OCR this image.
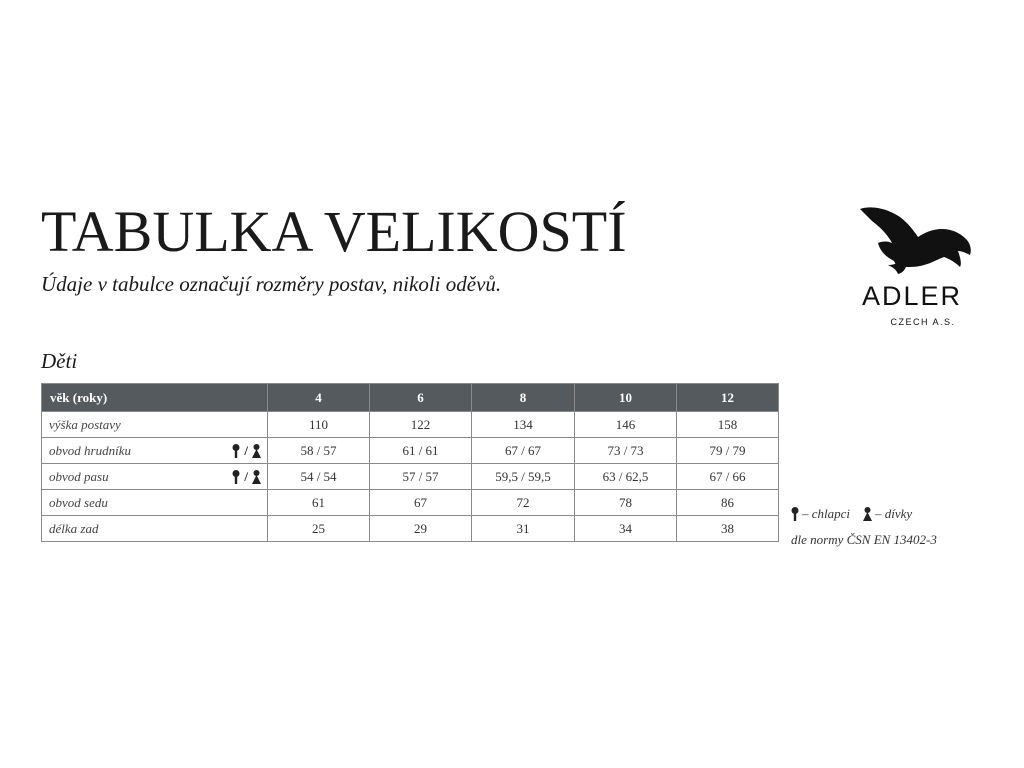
TABULKA VELIKOSTÍ
Údaje v tabulce označují rozměry postav, nikoli oděvů.	ADLER
CZECH A.S.
Děti
věk (roky)	4	6	8	10	12
výška postavy	110	122	134	146	158
obvod hrudníku /	58 / 57	61 / 61	67 / 67	73 / 73	79 / 79
obvod pasu /	54 / 54	57 / 57	59,5 / 59,5	63 / 62,5	67 / 66
obvod sedu	61	67	72	78	86
délka zad	25	29	31	34	38
– chlapci – dívky
dle normy ČSN EN 13402-3
